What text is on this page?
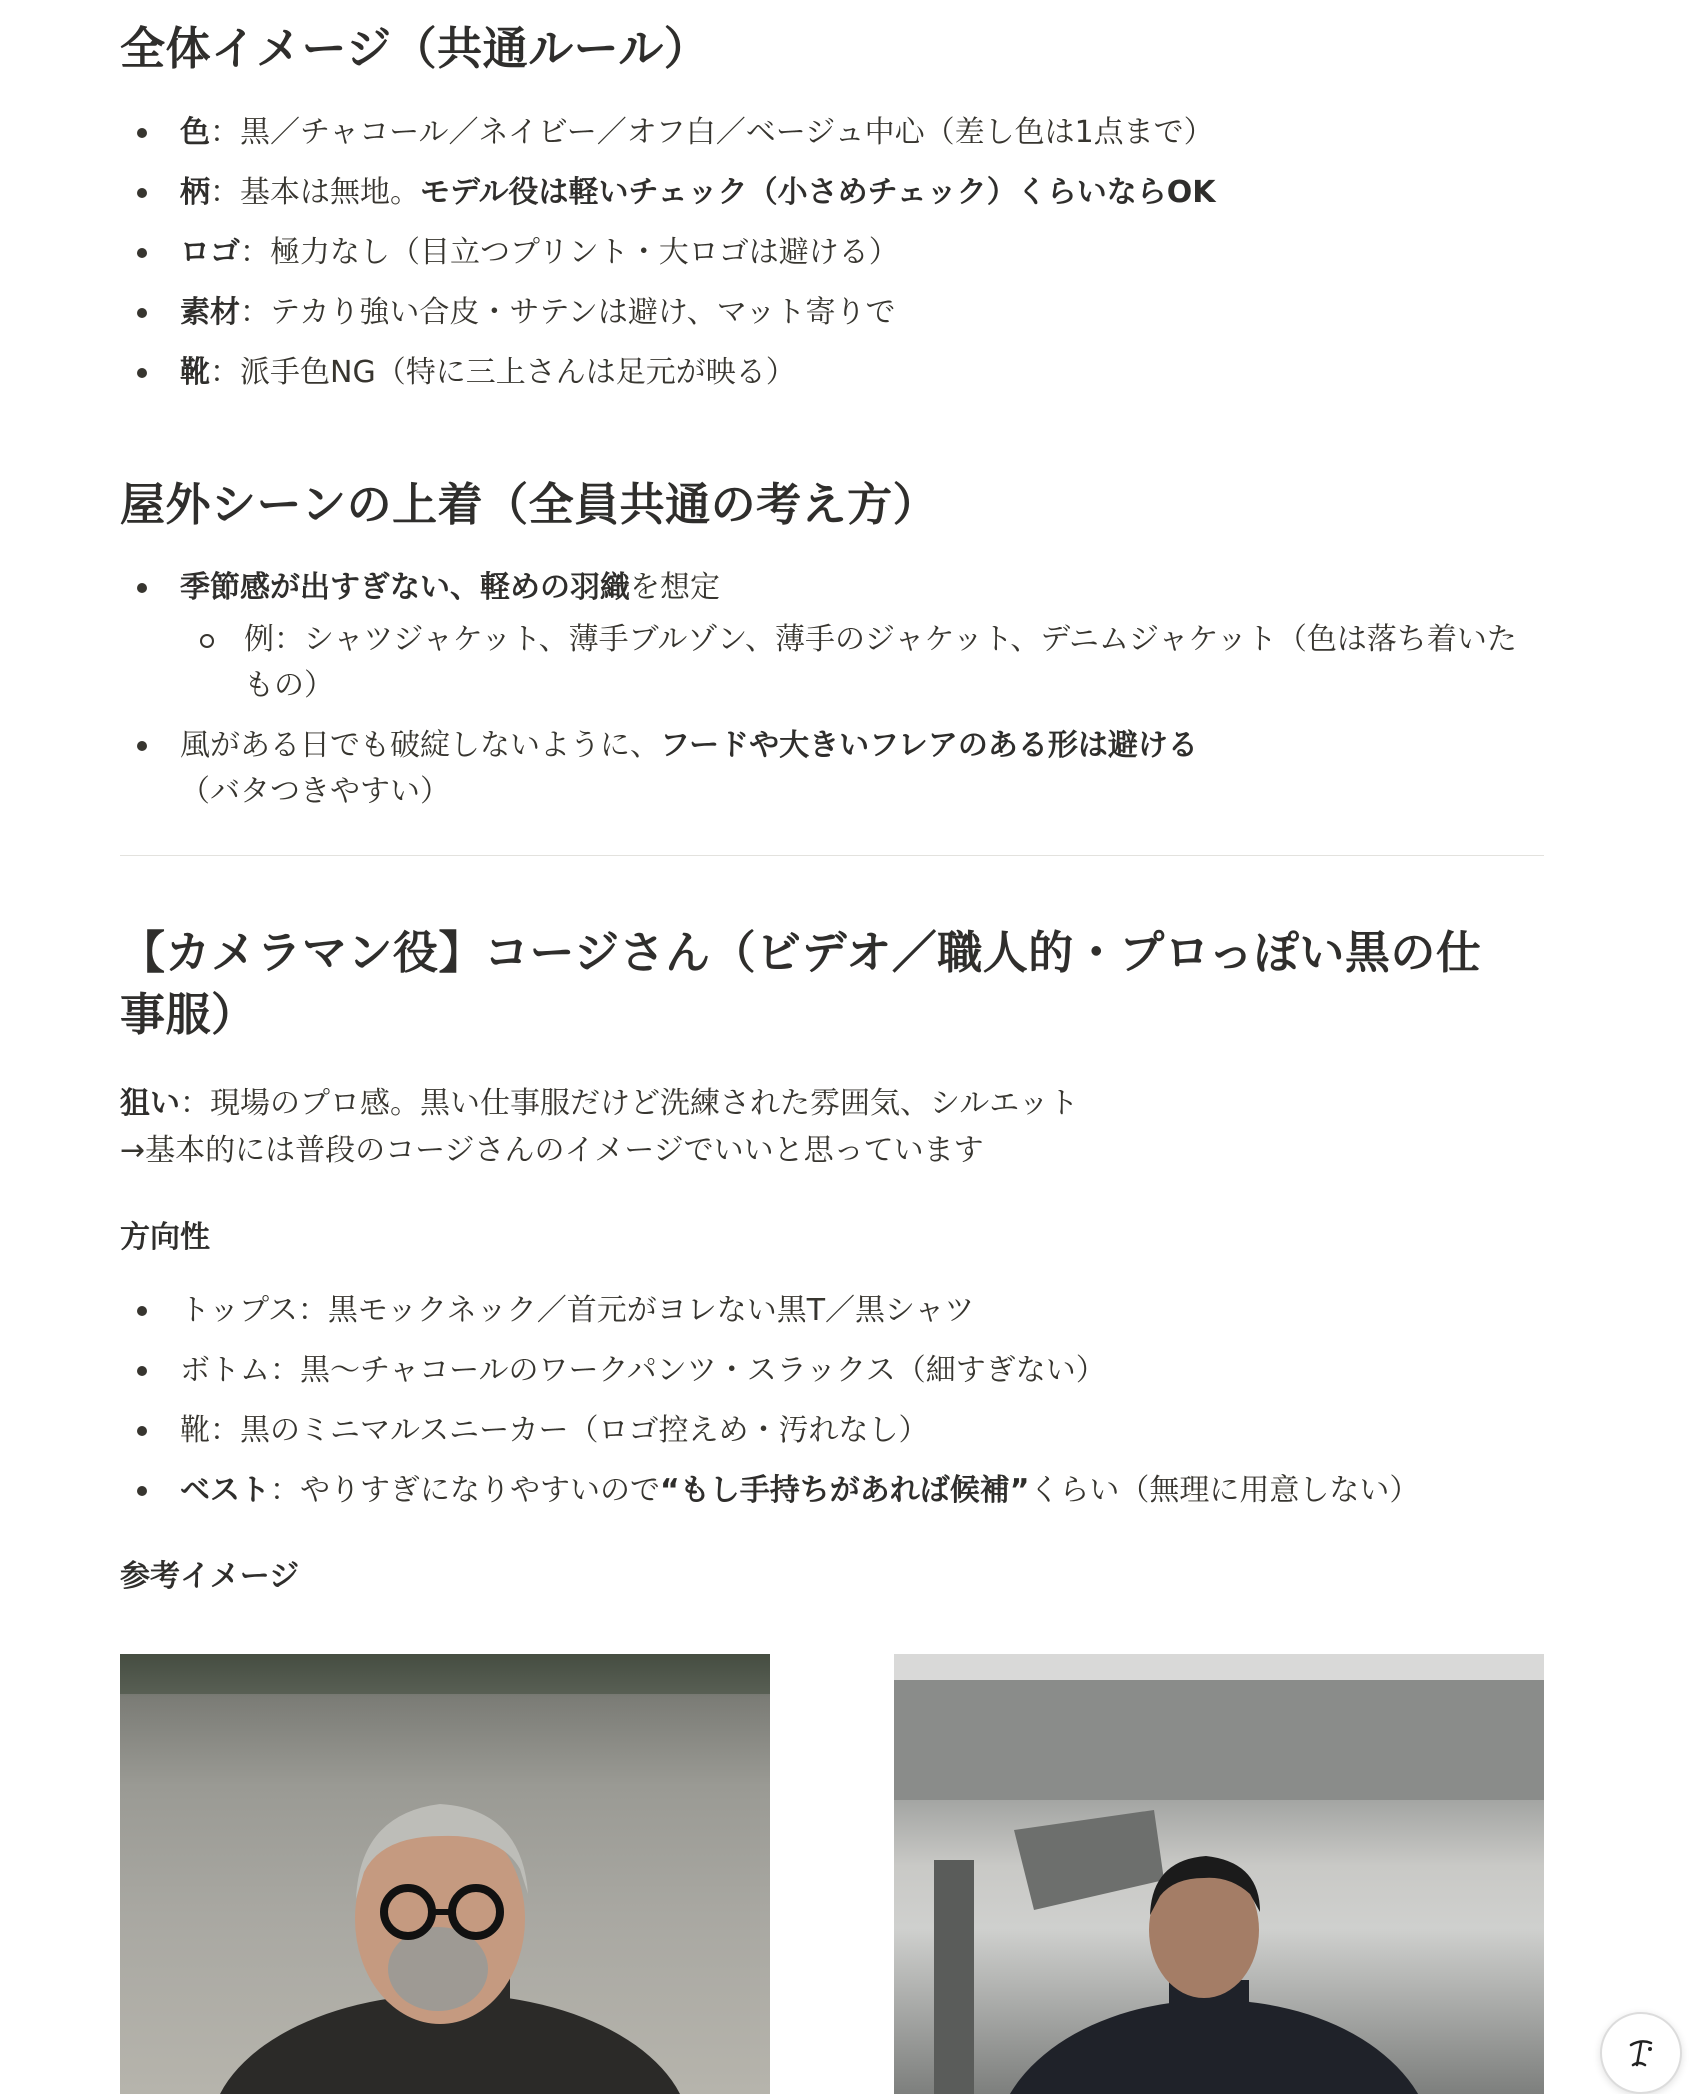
全体イメージ（共通ルール）
色：黒／チャコール／ネイビー／オフ白／ベージュ中心（差し色は1点まで）
柄：基本は無地。モデル役は軽いチェック（小さめチェック）くらいならOK
ロゴ：極力なし（目立つプリント・大ロゴは避ける）
素材：テカり強い合皮・サテンは避け、マット寄りで
靴：派手色NG（特に三上さんは足元が映る）
屋外シーンの上着（全員共通の考え方）
季節感が出すぎない、軽めの羽織を想定
例：シャツジャケット、薄手ブルゾン、薄手のジャケット、デニムジャケット（色は落ち着いたもの）
風がある日でも破綻しないように、フードや大きいフレアのある形は避ける
（バタつきやすい）
【カメラマン役】コージさん（ビデオ／職人的・プロっぽい黒の仕事服）

狙い：現場のプロ感。黒い仕事服だけど洗練された雰囲気、シルエット

→基本的には普段のコージさんのイメージでいいと思っています

方向性

トップス：黒モックネック／首元がヨレない黒T／黒シャツ
ボトム：黒〜チャコールのワークパンツ・スラックス（細すぎない）
靴：黒のミニマルスニーカー（ロゴ控えめ・汚れなし）
ベスト：やりすぎになりやすいので“もし手持ちがあれば候補”くらい（無理に用意しない）

参考イメージ
